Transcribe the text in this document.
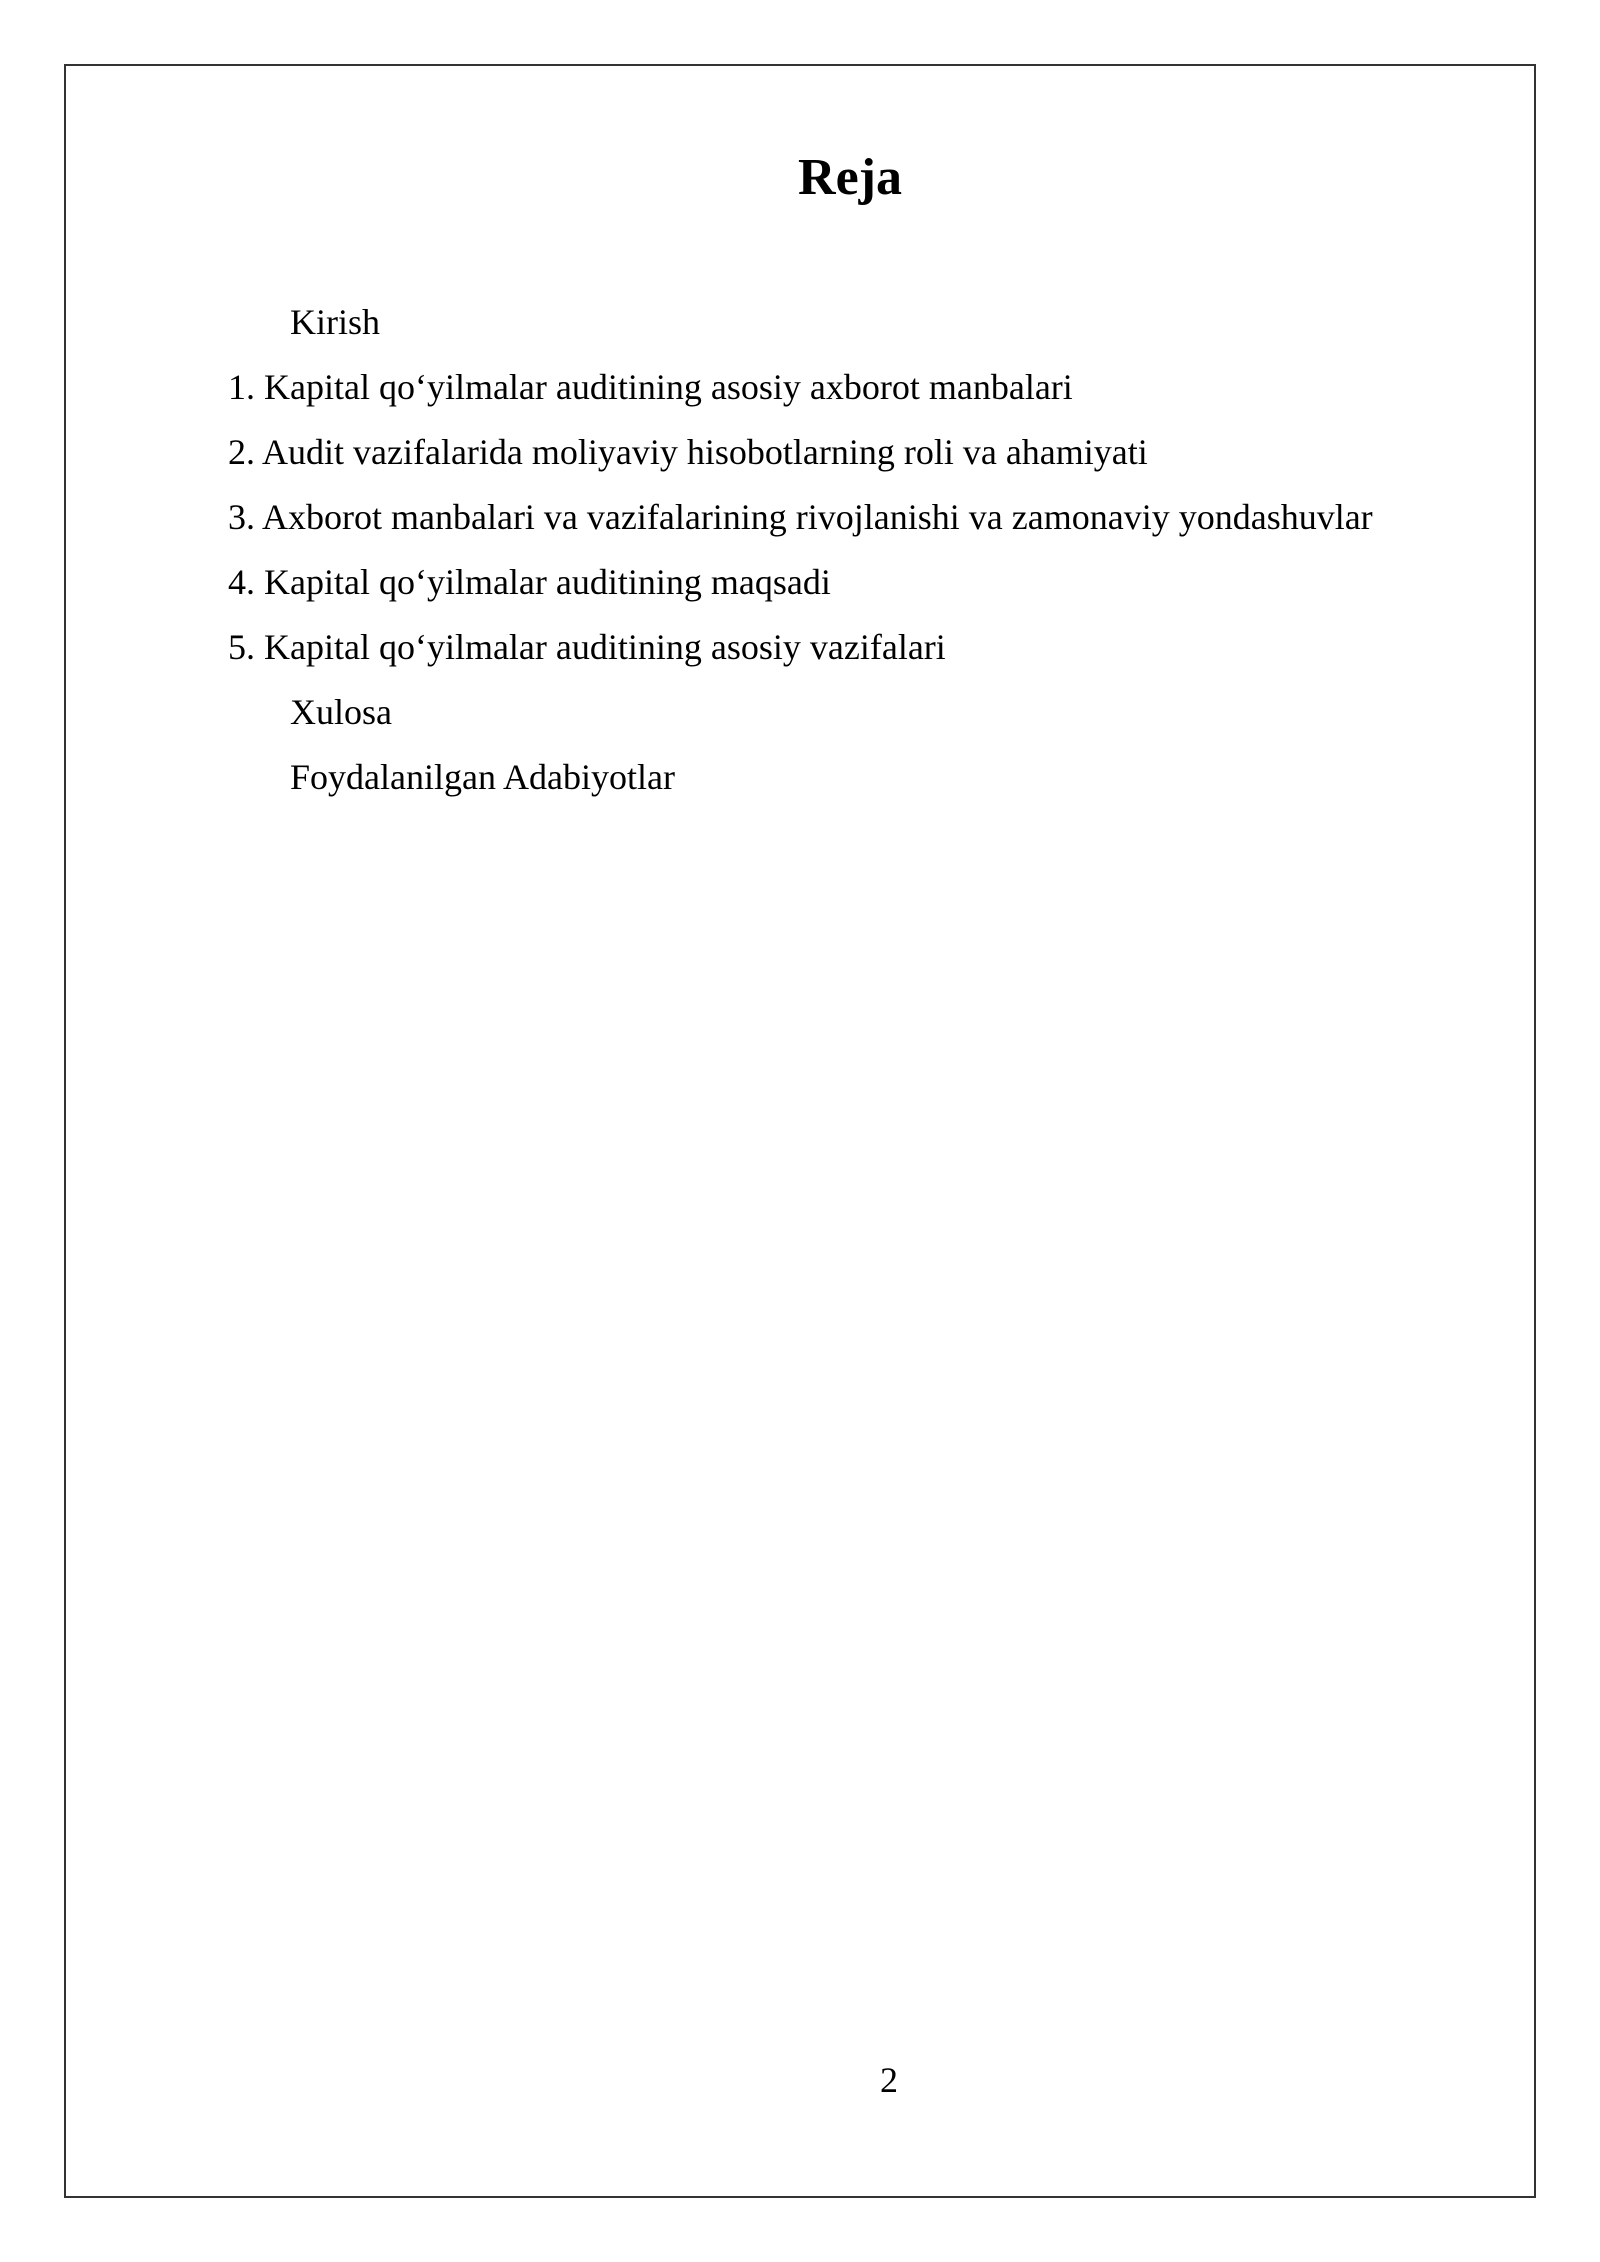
Reja
Kirish
1. Kapital qo‘yilmalar auditining asosiy axborot manbalari
2. Audit vazifalarida moliyaviy hisobotlarning roli va ahamiyati
3. Axborot manbalari va vazifalarining rivojlanishi va zamonaviy yondashuvlar
4. Kapital qo‘yilmalar auditining maqsadi
5. Kapital qo‘yilmalar auditining asosiy vazifalari
Xulosa
Foydalanilgan Adabiyotlar
2
